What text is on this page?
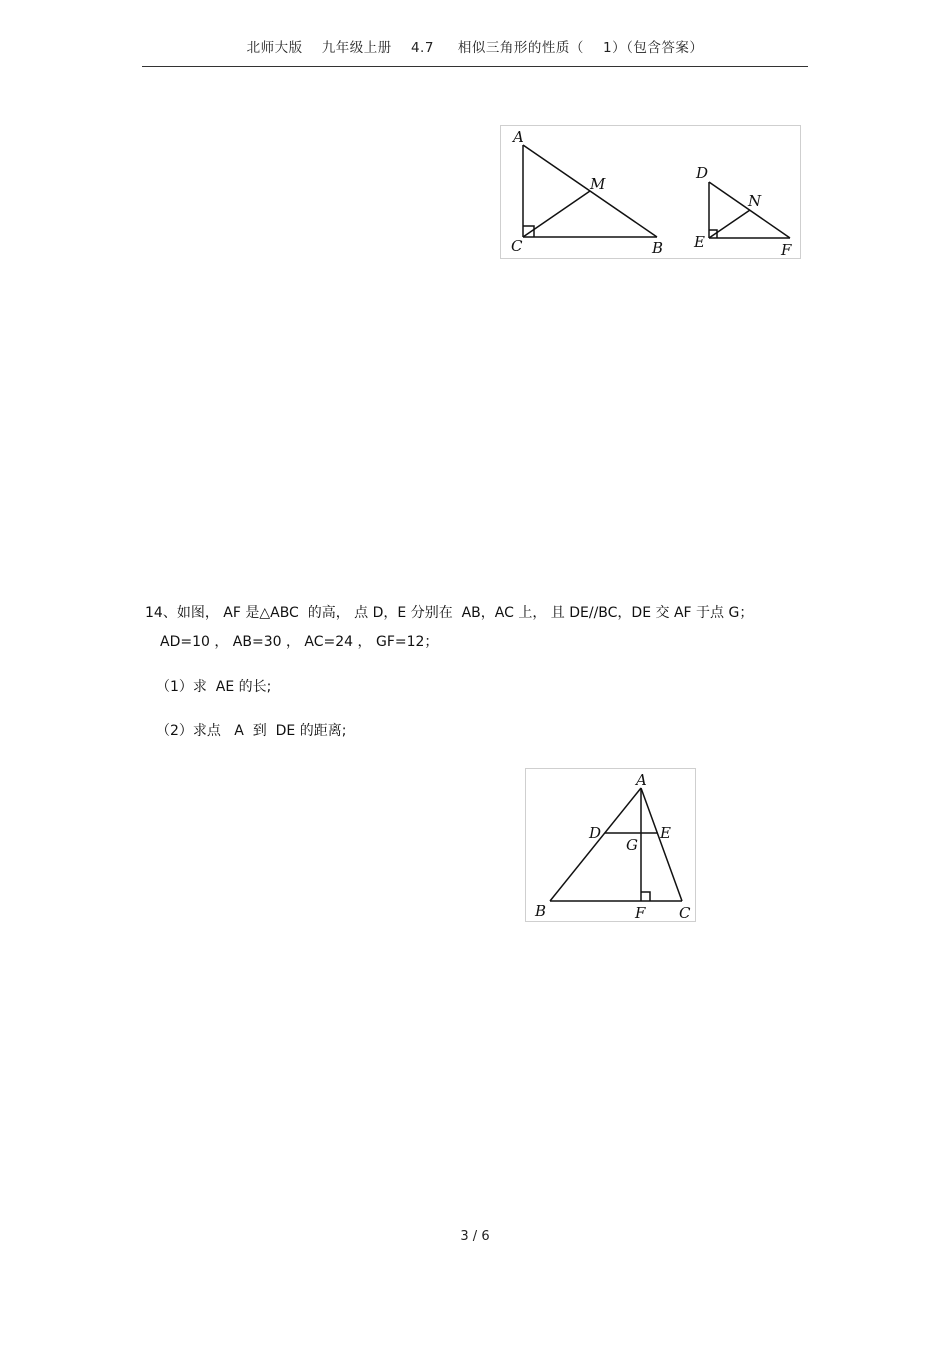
北师大版    九年级上册    4.7     相似三角形的性质（    1）（包含答案）
A
M
C	B
D
N
E	F
14、如图， AF 是△ABC  的高， 点 D，E 分别在  AB，AC 上， 且 DE//BC，DE 交 AF 于点 G；
AD=10 ， AB=30 ， AC=24 ， GF=12；
（1）求  AE 的长;
（2）求点   A  到  DE 的距离;
A
D	E
G
B	F C
3 / 6
